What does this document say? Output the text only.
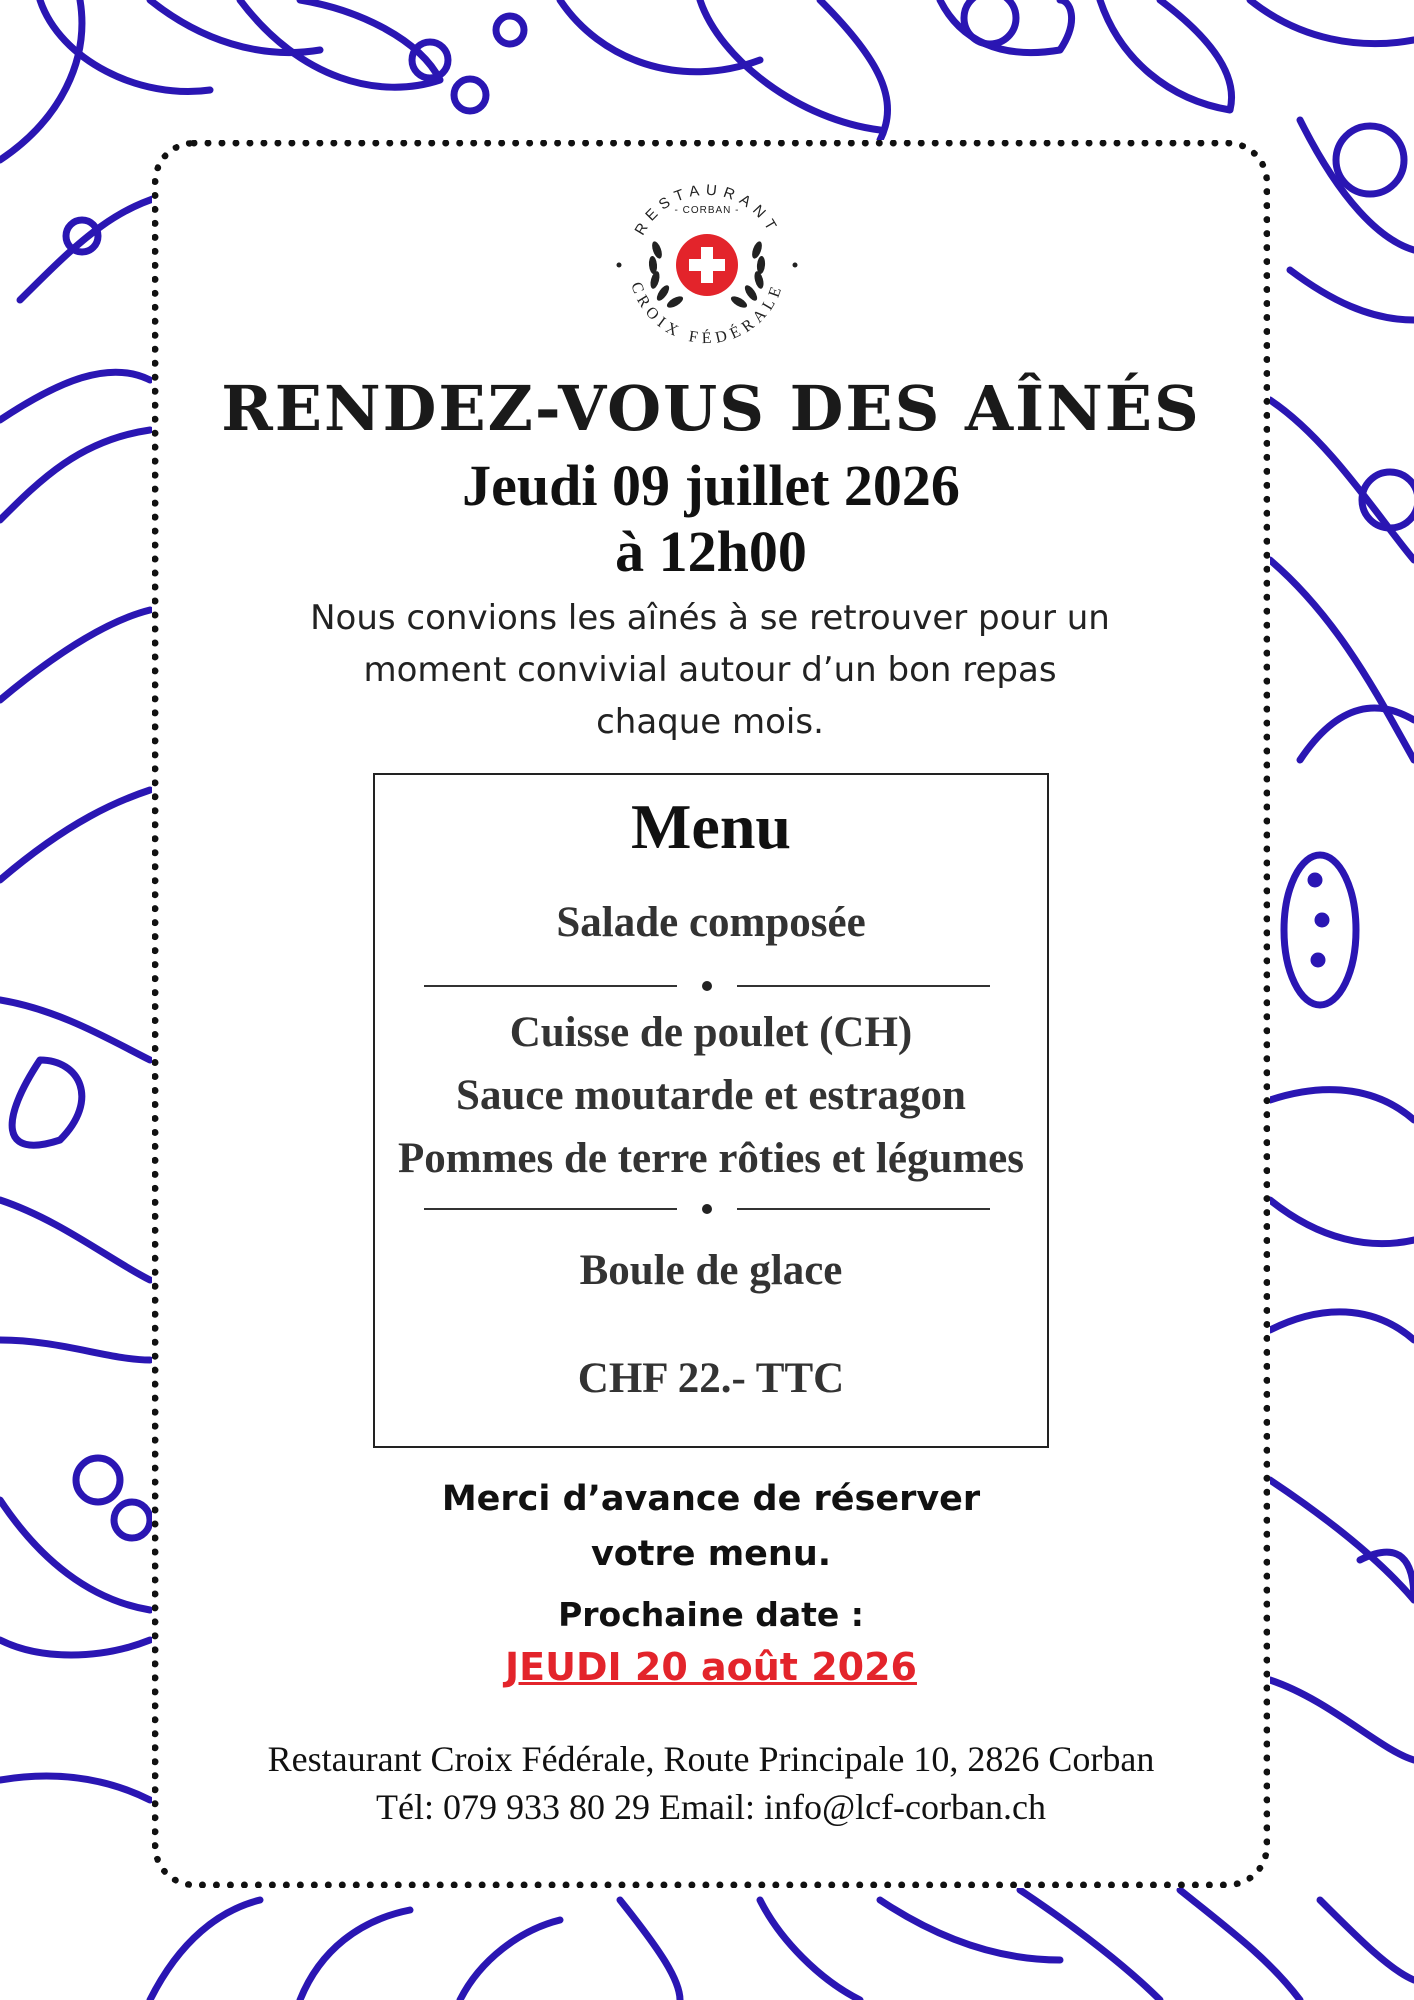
RESTAURANT
CROIX FÉDÉRALE
- CORBAN -
RENDEZ-VOUS DES AÎNÉS
Jeudi 09 juillet 2026
à 12h00
Nous convions les aînés à se retrouver pour un
moment convivial autour d’un bon repas
chaque mois.
Menu
Salade composée
Cuisse de poulet (CH)
Sauce moutarde et estragon
Pommes de terre rôties et légumes
Boule de glace
CHF 22.- TTC
Merci d’avance de réserver
votre menu.
Prochaine date :
JEUDI 20 août 2026
Restaurant Croix Fédérale, Route Principale 10, 2826 Corban
Tél: 079 933 80 29 Email: info@lcf-corban.ch
